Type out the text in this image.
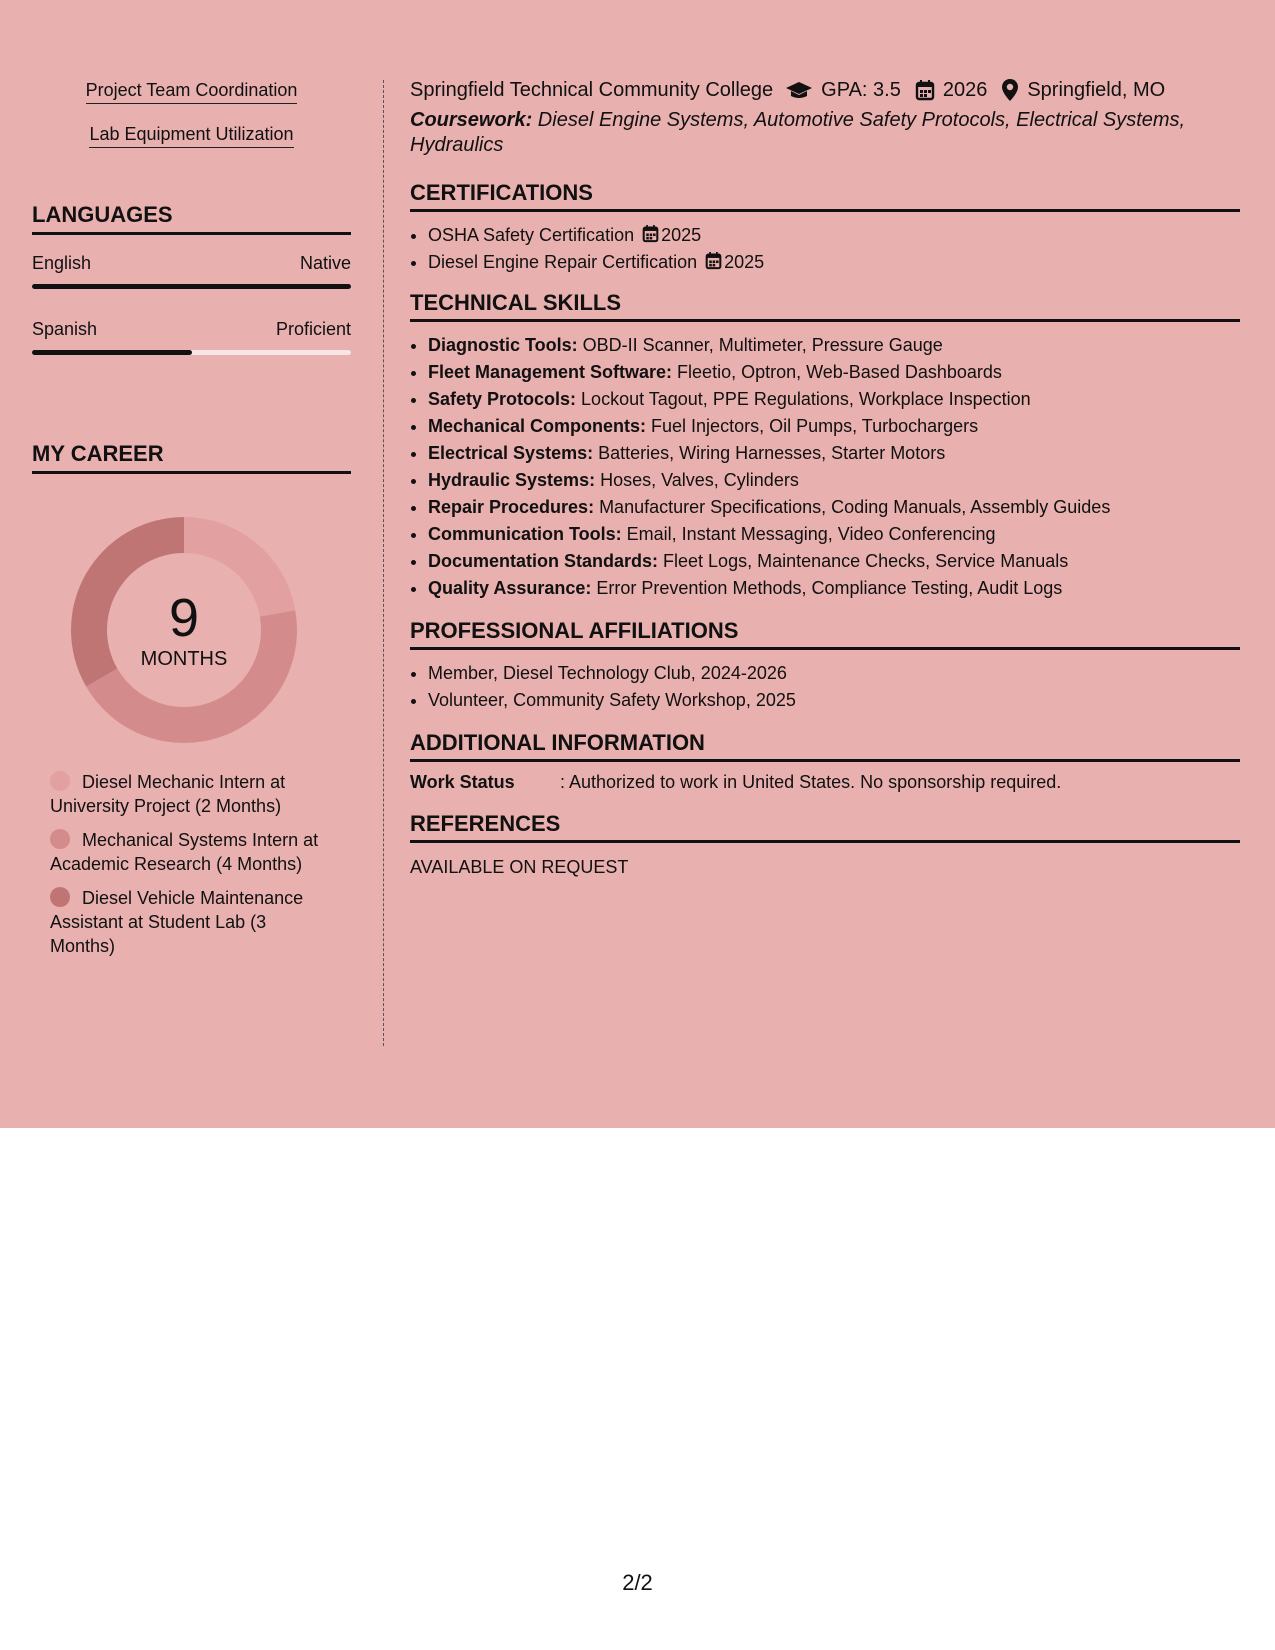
Project Team Coordination
Lab Equipment Utilization
LANGUAGES
English	Native
Spanish	Proficient
MY CAREER
9
MONTHS
Diesel Mechanic Intern at University Project (2 Months)
Mechanical Systems Intern at Academic Research (4 Months)
Diesel Vehicle Maintenance Assistant at Student Lab (3 Months)
Springfield Technical Community College GPA: 3.5 2026 Springfield, MO
Coursework: Diesel Engine Systems, Automotive Safety Protocols, Electrical Systems, Hydraulics
CERTIFICATIONS
• OSHA Safety Certification 2025
• Diesel Engine Repair Certification 2025
TECHNICAL SKILLS
• Diagnostic Tools: OBD-II Scanner, Multimeter, Pressure Gauge
• Fleet Management Software: Fleetio, Optron, Web-Based Dashboards
• Safety Protocols: Lockout Tagout, PPE Regulations, Workplace Inspection
• Mechanical Components: Fuel Injectors, Oil Pumps, Turbochargers
• Electrical Systems: Batteries, Wiring Harnesses, Starter Motors
• Hydraulic Systems: Hoses, Valves, Cylinders
• Repair Procedures: Manufacturer Specifications, Coding Manuals, Assembly Guides
• Communication Tools: Email, Instant Messaging, Video Conferencing
• Documentation Standards: Fleet Logs, Maintenance Checks, Service Manuals
• Quality Assurance: Error Prevention Methods, Compliance Testing, Audit Logs
PROFESSIONAL AFFILIATIONS
• Member, Diesel Technology Club, 2024-2026
• Volunteer, Community Safety Workshop, 2025
ADDITIONAL INFORMATION
Work Status	: Authorized to work in United States. No sponsorship required.
REFERENCES
AVAILABLE ON REQUEST
2/2
